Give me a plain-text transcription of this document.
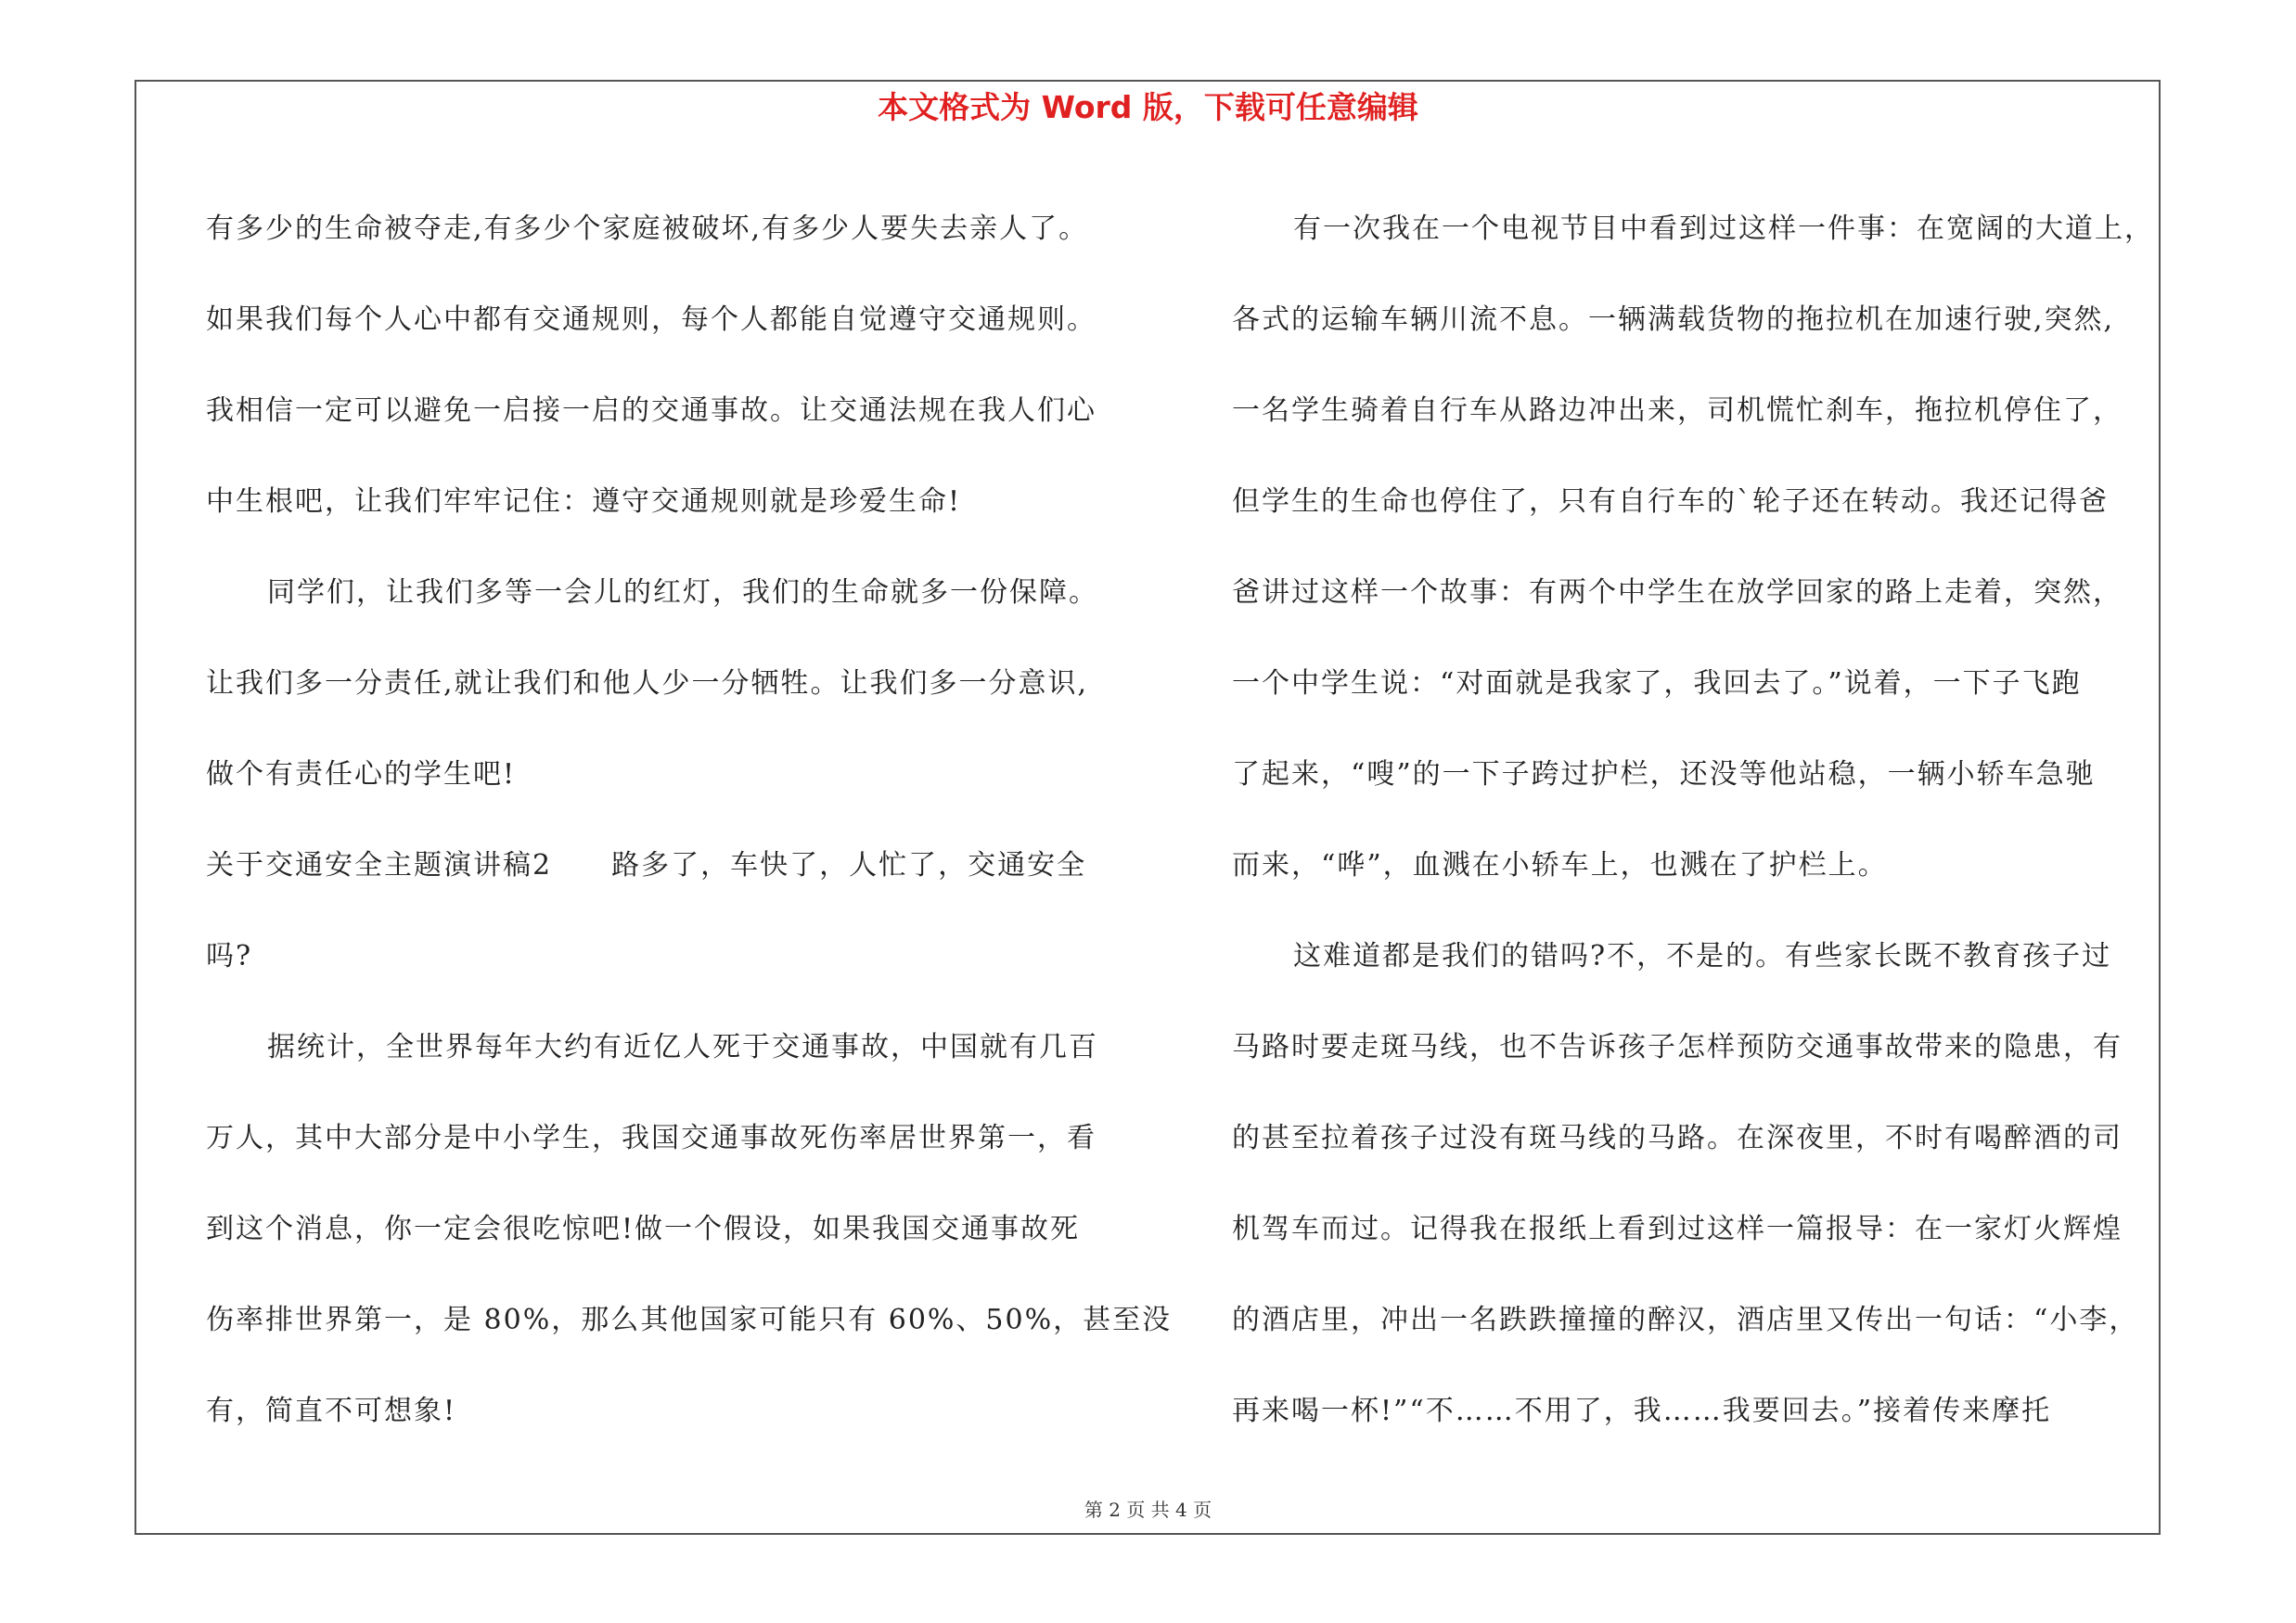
本文格式为 Word 版，下载可任意编辑
有多少的生命被夺走,有多少个家庭被破坏,有多少人要失去亲人了。
如果我们每个人心中都有交通规则，每个人都能自觉遵守交通规则。
我相信一定可以避免一启接一启的交通事故。让交通法规在我人们心
中生根吧，让我们牢牢记住：遵守交通规则就是珍爱生命!
同学们，让我们多等一会儿的红灯，我们的生命就多一份保障。
让我们多一分责任,就让我们和他人少一分牺牲。让我们多一分意识,
做个有责任心的学生吧!
关于交通安全主题演讲稿2　　路多了，车快了，人忙了，交通安全
吗?
据统计，全世界每年大约有近亿人死于交通事故，中国就有几百
万人，其中大部分是中小学生，我国交通事故死伤率居世界第一，看
到这个消息，你一定会很吃惊吧!做一个假设，如果我国交通事故死
伤率排世界第一，是 80%，那么其他国家可能只有 60%、50%，甚至没
有，简直不可想象!
有一次我在一个电视节目中看到过这样一件事：在宽阔的大道上，
各式的运输车辆川流不息。一辆满载货物的拖拉机在加速行驶,突然,
一名学生骑着自行车从路边冲出来，司机慌忙刹车，拖拉机停住了，
但学生的生命也停住了，只有自行车的`轮子还在转动。我还记得爸
爸讲过这样一个故事：有两个中学生在放学回家的路上走着，突然，
一个中学生说：“对面就是我家了，我回去了。”说着，一下子飞跑
了起来，“嗖”的一下子跨过护栏，还没等他站稳，一辆小轿车急驰
而来，“哗”，血溅在小轿车上，也溅在了护栏上。
这难道都是我们的错吗?不，不是的。有些家长既不教育孩子过
马路时要走斑马线，也不告诉孩子怎样预防交通事故带来的隐患，有
的甚至拉着孩子过没有斑马线的马路。在深夜里，不时有喝醉酒的司
机驾车而过。记得我在报纸上看到过这样一篇报导：在一家灯火辉煌
的酒店里，冲出一名跌跌撞撞的醉汉，酒店里又传出一句话：“小李，
再来喝一杯!”“不……不用了，我……我要回去。”接着传来摩托
第 2 页 共 4 页
